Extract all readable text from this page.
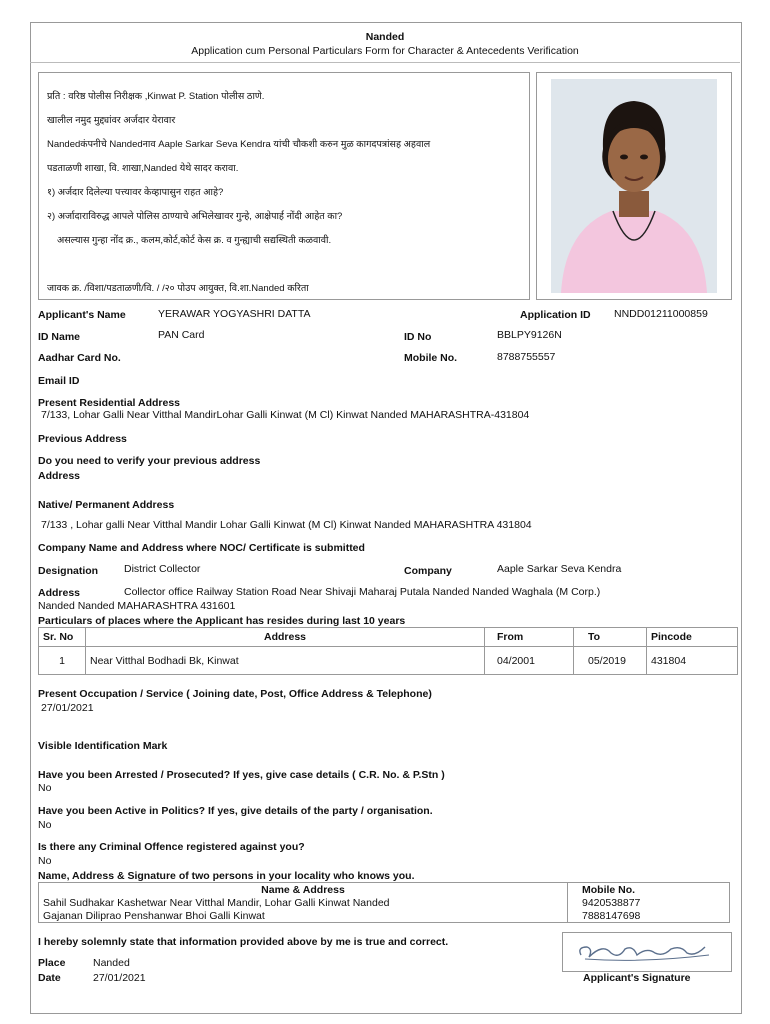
Nanded
Application cum Personal Particulars Form for Character & Antecedents Verification
प्रति : वरिष्ठ पोलीस निरीक्षक ,Kinwat P. Station पोलीस ठाणे.
खालील नमुद मुद्द्यांवर अर्जदार येरावार
Nandedकंपनीचे Nandedनाव Aaple Sarkar Seva Kendra यांची चौकशी करुन मुळ कागदपत्रांसह अहवाल
पडताळणी शाखा, वि. शाखा,Nanded येथे सादर करावा.
१) अर्जदार दिलेल्या पत्त्यावर केव्हापासुन राहत आहे?
२) अर्जादाराविरुद्ध आपले पोलिस ठाण्याचे अभिलेखावर गुन्हे, आक्षेपार्ह नोंदी आहेत का?
असल्यास गुन्हा नोंद क्र., कलम,कोर्ट,कोर्ट केस क्र. व गुन्ह्याची सद्यस्थिती कळवावी.
जावक क्र. /विशा/पडताळणी/वि. / /२० पोउप आयुक्त, वि.शा.Nanded करिता
Applicant's Name	YERAWAR YOGYASHRI DATTA	Application ID NNDD01211000859
ID Name	PAN Card	ID No	BBLPY9126N
Aadhar Card No.	Mobile No.	8788755557
Email ID
Present Residential Address
7/133, Lohar Galli Near Vitthal MandirLohar Galli Kinwat (M Cl) Kinwat Nanded MAHARASHTRA-431804
Previous Address
Do you need to verify your previous address
Address
Native/ Permanent Address
7/133 , Lohar galli Near Vitthal Mandir Lohar Galli Kinwat (M Cl) Kinwat Nanded MAHARASHTRA 431804
Company Name and Address where NOC/ Certificate is submitted
Designation District Collector	Company	Aaple Sarkar Seva Kendra
Address	Collector office Railway Station Road Near Shivaji Maharaj Putala Nanded Nanded Waghala (M Corp.)
Nanded Nanded MAHARASHTRA 431601
Particulars of places where the Applicant has resides during last 10 years
Sr. No	Address	From	To	Pincode
1	Near Vitthal Bodhadi Bk, Kinwat	04/2001	05/2019	431804
Present Occupation / Service ( Joining date, Post, Office Address & Telephone)
27/01/2021
Visible Identification Mark
Have you been Arrested / Prosecuted? If yes, give case details ( C.R. No. & P.Stn )
No
Have you been Active in Politics? If yes, give details of the party / organisation.
No
Is there any Criminal Offence registered against you?
No
Name, Address & Signature of two persons in your locality who knows you.
Name & Address	Mobile No.
Sahil Sudhakar Kashetwar Near Vitthal Mandir, Lohar Galli Kinwat Nanded	9420538877
Gajanan Diliprao Penshanwar Bhoi Galli Kinwat	7888147698
I hereby solemnly state that information provided above by me is true and correct.
Place	Nanded
Date	27/01/2021	Applicant's Signature
